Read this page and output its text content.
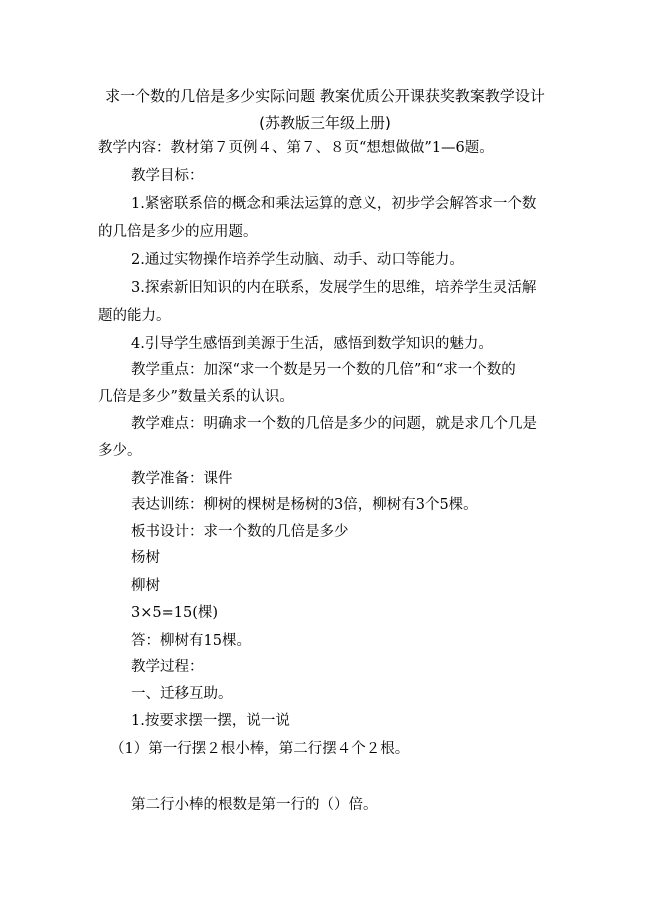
求一个数的几倍是多少实际问题 教案优质公开课获奖教案教学设计
(苏教版三年级上册)
教学内容：教材第７页例４、第７、８页“想想做做”1—6题。
教学目标：
1.紧密联系倍的概念和乘法运算的意义，初步学会解答求一个数
的几倍是多少的应用题。
2.通过实物操作培养学生动脑、动手、动口等能力。
3.探索新旧知识的内在联系，发展学生的思维，培养学生灵活解
题的能力。
4.引导学生感悟到美源于生活，感悟到数学知识的魅力。
教学重点：加深“求一个数是另一个数的几倍”和“求一个数的
几倍是多少”数量关系的认识。
教学难点：明确求一个数的几倍是多少的问题，就是求几个几是
多少。
教学准备：课件
表达训练：柳树的棵树是杨树的3倍，柳树有3个5棵。
板书设计：求一个数的几倍是多少
杨树
柳树
3×5=15(棵)
答：柳树有15棵。
教学过程：
一、迁移互助。
1.按要求摆一摆，说一说
（1）第一行摆２根小棒，第二行摆４个２根。
第二行小棒的根数是第一行的（）倍。
